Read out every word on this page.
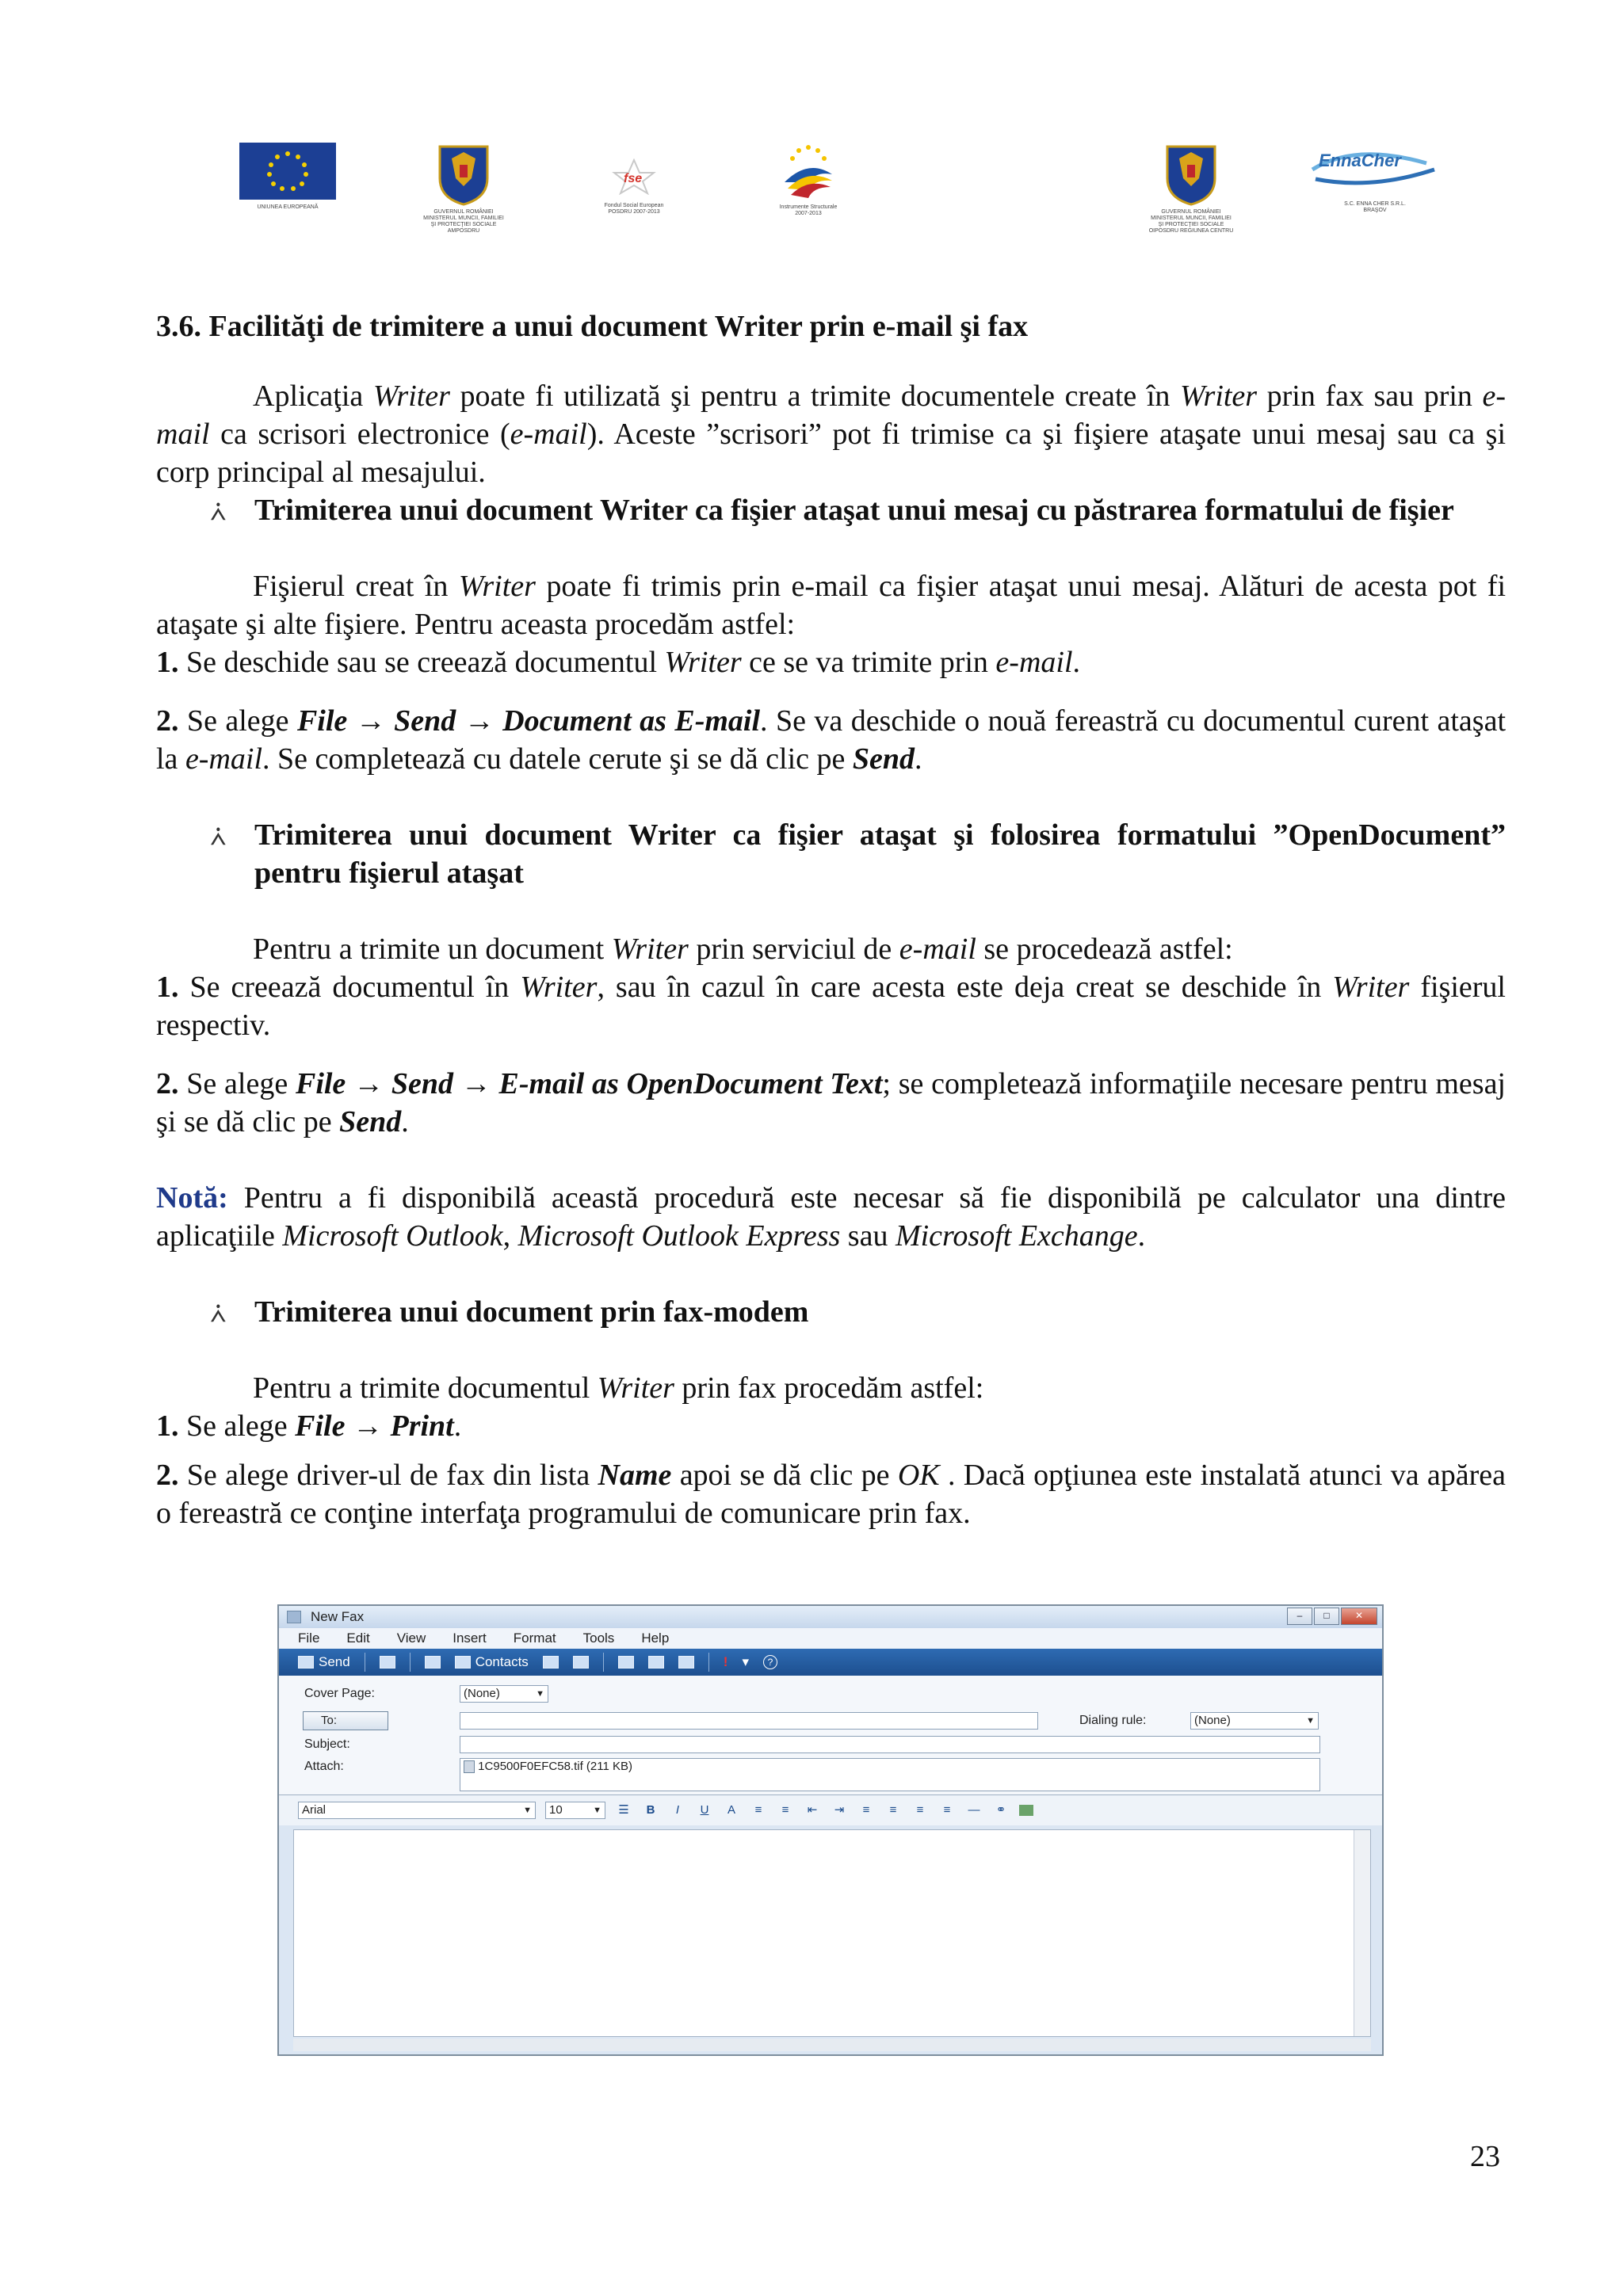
UNIUNEA EUROPEANĂ
GUVERNUL ROMÂNIEI
MINISTERUL MUNCII, FAMILIEI
ŞI PROTECŢIEI SOCIALE
AMPOSDRU
fse
Fondul Social European
POSDRU 2007-2013
Instrumente Structurale
2007-2013	GUVERNUL ROMÂNIEI
MINISTERUL MUNCII, FAMILIEI
ŞI PROTECŢIEI SOCIALE
OIPOSDRU REGIUNEA CENTRU
EnnaCher
S.C. ENNA CHER S.R.L.
BRAŞOV

3.6. Facilităţi de trimitere a unui document Writer prin e-mail şi fax

Aplicaţia Writer poate fi utilizată şi pentru a trimite documentele create în Writer prin fax sau prin e-mail ca scrisori electronice (e-mail). Aceste ”scrisori” pot fi trimise ca şi fişiere ataşate unui mesaj sau ca şi corp principal al mesajului.

⩑ Trimiterea unui document Writer ca fişier ataşat unui mesaj cu păstrarea formatului de fişier

Fişierul creat în Writer poate fi trimis prin e-mail ca fişier ataşat unui mesaj. Alături de acesta pot fi ataşate şi alte fişiere. Pentru aceasta procedăm astfel:

1. Se deschide sau se creează documentul Writer ce se va trimite prin e-mail.

2. Se alege File → Send → Document as E-mail. Se va deschide o nouă fereastră cu documentul curent ataşat la e-mail. Se completează cu datele cerute şi se dă clic pe Send.

⩑ Trimiterea unui document Writer ca fişier ataşat şi folosirea formatului ”OpenDocument” pentru fişierul ataşat

Pentru a trimite un document Writer prin serviciul de e-mail se procedează astfel:

1. Se creează documentul în Writer, sau în cazul în care acesta este deja creat se deschide în Writer fişierul respectiv.

2. Se alege File → Send → E-mail as OpenDocument Text; se completează informaţiile necesare pentru mesaj şi se dă clic pe Send.

Notă: Pentru a fi disponibilă această procedură este necesar să fie disponibilă pe calculator una dintre aplicaţiile Microsoft Outlook, Microsoft Outlook Express sau Microsoft Exchange.

⩑ Trimiterea unui document prin fax-modem

Pentru a trimite documentul Writer prin fax procedăm astfel:

1. Se alege File → Print.

2. Se alege driver-ul de fax din lista Name apoi se dă clic pe OK . Dacă opţiunea este instalată atunci va apărea o fereastră ce conţine interfaţa programului de comunicare prin fax.

New Fax	–	□	✕
File Edit View Insert Format Tools Help
Send	Contacts	! ▾	?
Cover Page:	(None)	▼
To:	Dialing rule:	(None)	▼
Subject:
Attach:	1C9500F0EFC58.tif (211 KB)
Arial	▼	10	▼ ☰	B	I	U	A	≡	≡	⇤	⇥	≡	≡	≡	≡	—	⚭
23
